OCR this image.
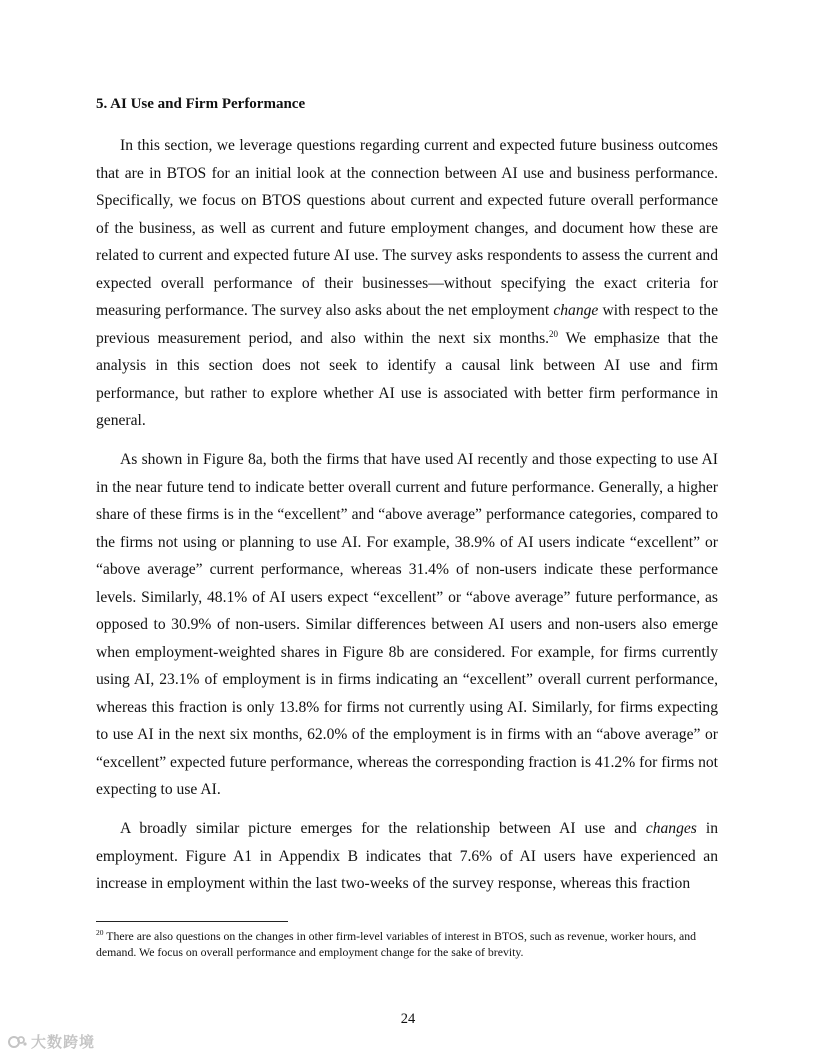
5. AI Use and Firm Performance

In this section, we leverage questions regarding current and expected future business outcomes that are in BTOS for an initial look at the connection between AI use and business performance. Specifically, we focus on BTOS questions about current and expected future overall performance of the business, as well as current and future employment changes, and document how these are related to current and expected future AI use. The survey asks respondents to assess the current and expected overall performance of their businesses—without specifying the exact criteria for measuring performance. The survey also asks about the net employment change with respect to the previous measurement period, and also within the next six months.$^{20}$ We emphasize that the analysis in this section does not seek to identify a causal link between AI use and firm performance, but rather to explore whether AI use is associated with better firm performance in general.

As shown in Figure 8a, both the firms that have used AI recently and those expecting to use AI in the near future tend to indicate better overall current and future performance. Generally, a higher share of these firms is in the “excellent” and “above average” performance categories, compared to the firms not using or planning to use AI. For example, 38.9% of AI users indicate “excellent” or “above average” current performance, whereas 31.4% of non-users indicate these performance levels. Similarly, 48.1% of AI users expect “excellent” or “above average” future performance, as opposed to 30.9% of non-users. Similar differences between AI users and non-users also emerge when employment-weighted shares in Figure 8b are considered. For example, for firms currently using AI, 23.1% of employment is in firms indicating an “excellent” overall current performance, whereas this fraction is only 13.8% for firms not currently using AI. Similarly, for firms expecting to use AI in the next six months, 62.0% of the employment is in firms with an “above average” or “excellent” expected future performance, whereas the corresponding fraction is 41.2% for firms not expecting to use AI.

A broadly similar picture emerges for the relationship between AI use and changes in employment. Figure A1 in Appendix B indicates that 7.6% of AI users have experienced an increase in employment within the last two-weeks of the survey response, whereas this fraction

$^{20}$ There are also questions on the changes in other firm-level variables of interest in BTOS, such as revenue, worker hours, and demand. We focus on overall performance and employment change for the sake of brevity.

24
大数跨境
